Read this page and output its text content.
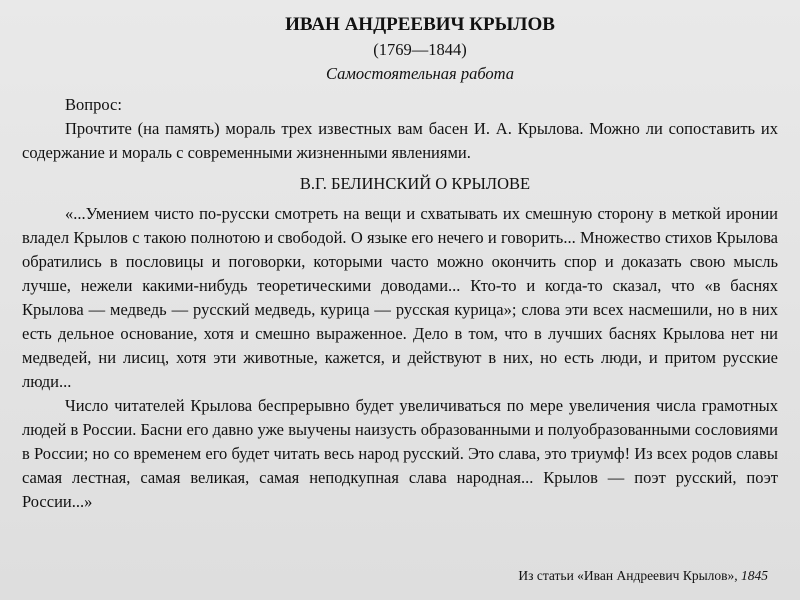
ИВАН АНДРЕЕВИЧ КРЫЛОВ

(1769—1844)

Самостоятельная работа

Вопрос:

Прочтите (на память) мораль трех известных вам басен И. А. Крылова. Можно ли сопоставить их содержание и мораль с современными жизненными явлениями.

В.Г. БЕЛИНСКИЙ О КРЫЛОВЕ

«...Умением чисто по-русски смотреть на вещи и схватывать их смешную сторону в меткой иронии владел Крылов с такою полнотою и свободой. О языке его нечего и говорить... Множество стихов Крылова обратились в пословицы и поговорки, которыми часто можно окончить спор и доказать свою мысль лучше, нежели какими-нибудь теоретическими доводами... Кто-то и когда-то сказал, что «в баснях Крылова — медведь — русский медведь, курица — русская курица»; слова эти всех насмешили, но в них есть дельное основание, хотя и смешно выраженное. Дело в том, что в лучших баснях Крылова нет ни медведей, ни лисиц, хотя эти животные, кажется, и действуют в них, но есть люди, и притом русские люди...

Число читателей Крылова беспрерывно будет увеличиваться по мере увеличения числа грамотных людей в России. Басни его давно уже выучены наизусть образованными и полуобразованными сословиями в России; но со временем его будет читать весь народ русский. Это слава, это триумф! Из всех родов славы самая лестная, самая великая, самая неподкупная слава народная... Крылов — поэт русский, поэт России...»

Из статьи «Иван Андреевич Крылов», 1845
